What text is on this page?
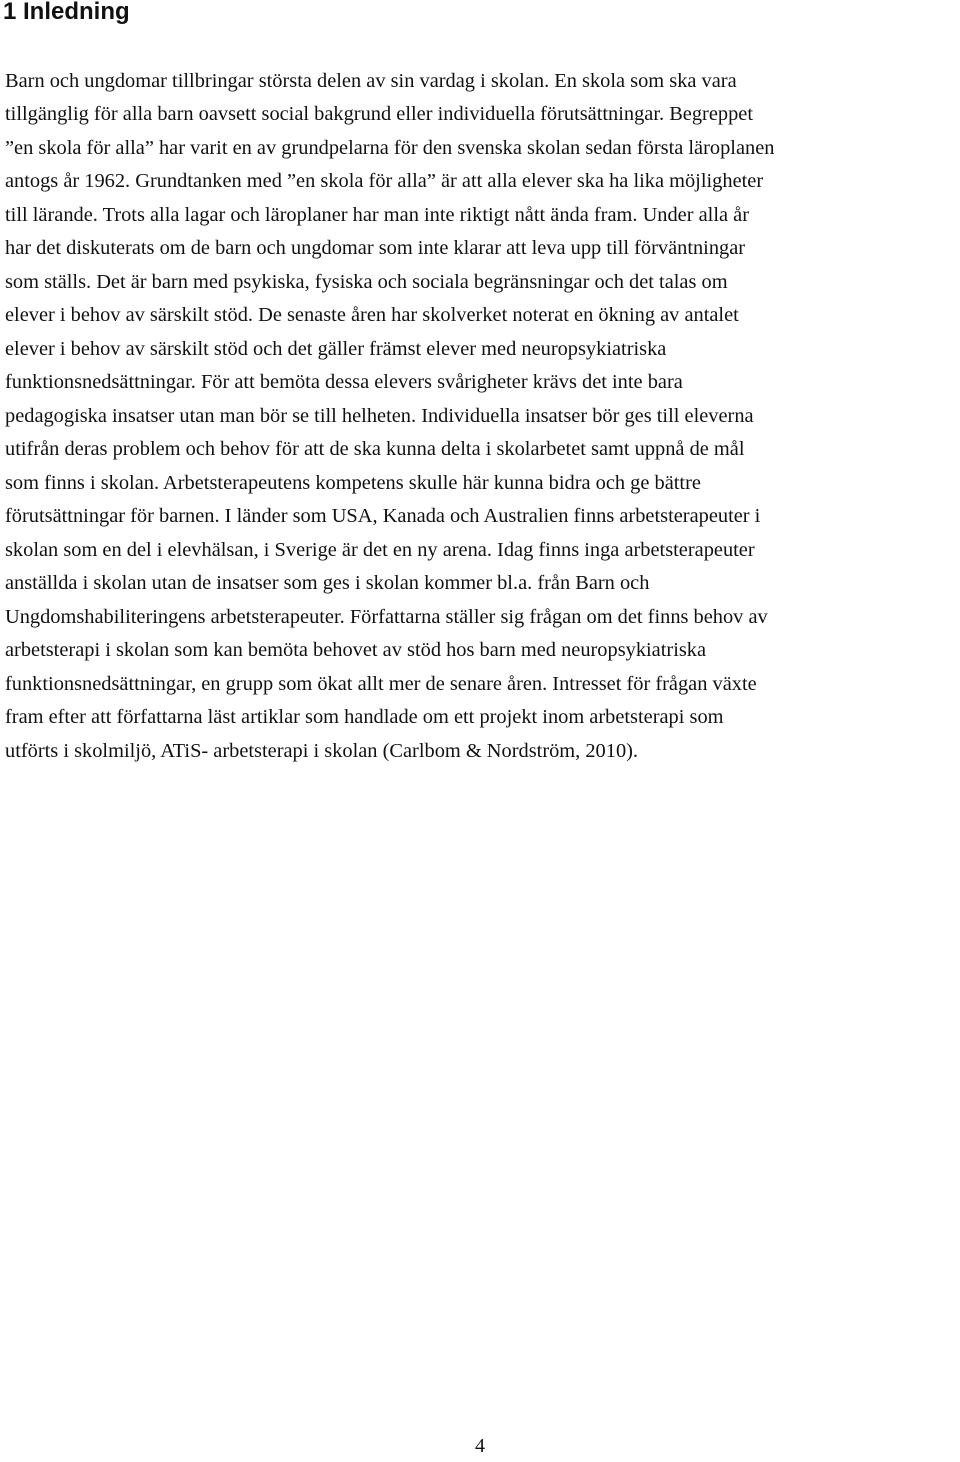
1 Inledning

Barn och ungdomar tillbringar största delen av sin vardag i skolan. En skola som ska vara

tillgänglig för alla barn oavsett social bakgrund eller individuella förutsättningar. Begreppet

”en skola för alla” har varit en av grundpelarna för den svenska skolan sedan första läroplanen

antogs år 1962. Grundtanken med ”en skola för alla” är att alla elever ska ha lika möjligheter

till lärande. Trots alla lagar och läroplaner har man inte riktigt nått ända fram. Under alla år

har det diskuterats om de barn och ungdomar som inte klarar att leva upp till förväntningar

som ställs. Det är barn med psykiska, fysiska och sociala begränsningar och det talas om

elever i behov av särskilt stöd. De senaste åren har skolverket noterat en ökning av antalet

elever i behov av särskilt stöd och det gäller främst elever med neuropsykiatriska

funktionsnedsättningar. För att bemöta dessa elevers svårigheter krävs det inte bara

pedagogiska insatser utan man bör se till helheten. Individuella insatser bör ges till eleverna

utifrån deras problem och behov för att de ska kunna delta i skolarbetet samt uppnå de mål

som finns i skolan. Arbetsterapeutens kompetens skulle här kunna bidra och ge bättre

förutsättningar för barnen. I länder som USA, Kanada och Australien finns arbetsterapeuter i

skolan som en del i elevhälsan, i Sverige är det en ny arena. Idag finns inga arbetsterapeuter

anställda i skolan utan de insatser som ges i skolan kommer bl.a. från Barn och

Ungdomshabiliteringens arbetsterapeuter. Författarna ställer sig frågan om det finns behov av

arbetsterapi i skolan som kan bemöta behovet av stöd hos barn med neuropsykiatriska

funktionsnedsättningar, en grupp som ökat allt mer de senare åren. Intresset för frågan växte

fram efter att författarna läst artiklar som handlade om ett projekt inom arbetsterapi som

utförts i skolmiljö, ATiS- arbetsterapi i skolan (Carlbom & Nordström, 2010).

4
